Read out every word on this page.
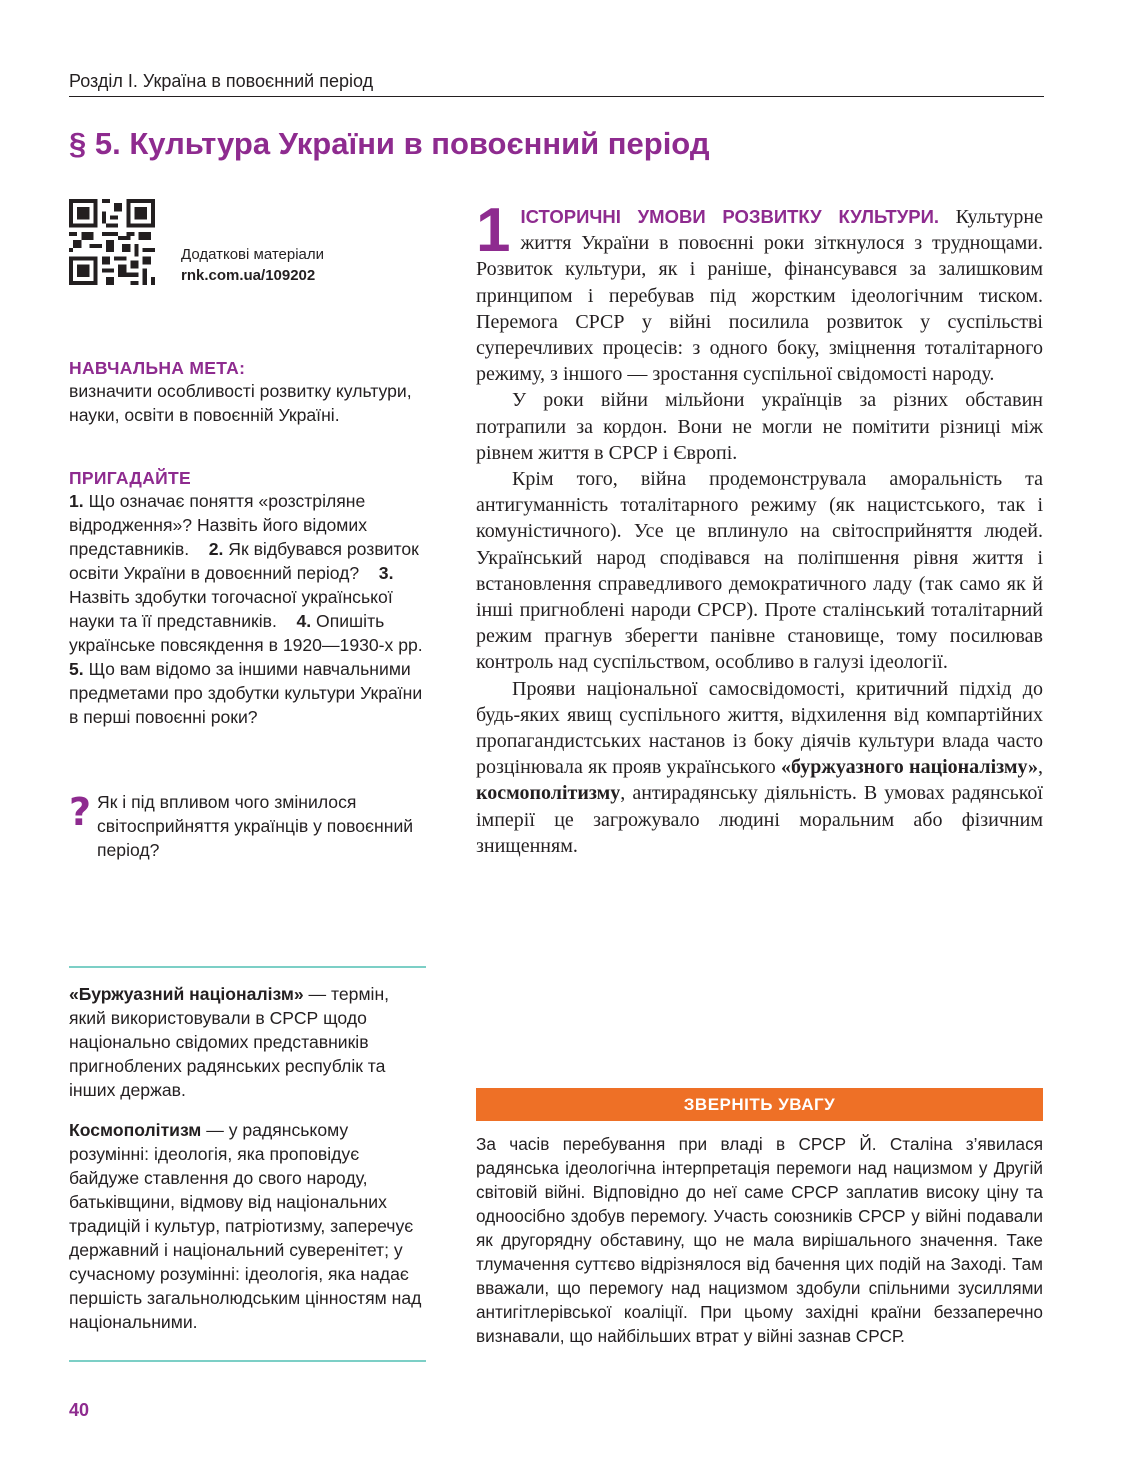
Розділ І. Україна в повоєнний період
§ 5. Культура України в повоєнний період
Додаткові матеріали
rnk.com.ua/109202
НАВЧАЛЬНА МЕТА:
визначити особливості розвитку культури, науки, освіти в повоєнній Україні.
ПРИГАДАЙТЕ
1. Що означає поняття «розстріляне відродження»? Назвіть його відомих представників. 2. Як відбувався розвиток освіти України в довоєнний період? 3. Назвіть здобутки тогочасної української науки та її представників. 4. Опишіть українське повсякдення в 1920—1930-х рр.
5. Що вам відомо за іншими навчальними предметами про здобутки культури України в перші повоєнні роки?
? Як і під впливом чого змінилося світосприйняття українців у повоєнний період?

«Буржуазний націоналізм» — термін, який використовували в СРСР щодо національно свідомих представників пригноблених радянських республік та інших держав.

Космополітизм — у радянському розумінні: ідеологія, яка проповідує байдуже ставлення до свого народу, батьківщини, відмову від національних традицій і культур, патріотизму, заперечує державний і національний суверенітет; у сучасному розумінні: ідеологія, яка надає першість загальнолюдським цінностям над національними.

1 ІСТОРИЧНІ УМОВИ РОЗВИТКУ КУЛЬТУРИ. Культурне життя України в повоєнні роки зіткнулося з труднощами. Розвиток культури, як і раніше, фінансувався за залишковим принципом і перебував під жорстким ідеологічним тиском. Перемога СРСР у війні посилила розвиток у суспільстві суперечливих процесів: з одного боку, зміцнення тоталітарного режиму, з іншого — зростання суспільної свідомості народу.

У роки війни мільйони українців за різних обставин потрапили за кордон. Вони не могли не помітити різниці між рівнем життя в СРСР і Європі.

Крім того, війна продемонструвала аморальність та антигуманність тоталітарного режиму (як нацистського, так і комуністичного). Усе це вплинуло на світосприйняття людей. Український народ сподівався на поліпшення рівня життя і встановлення справедливого демократичного ладу (так само як й інші пригноблені народи СРСР). Проте сталінський тоталітарний режим прагнув зберегти панівне становище, тому посилював контроль над суспільством, особливо в галузі ідеології.

Прояви національної самосвідомості, критичний підхід до будь-яких явищ суспільного життя, відхилення від компартійних пропагандистських настанов із боку діячів культури влада часто розцінювала як прояв українського «буржуазного націоналізму», космополітизму, антирадянську діяльність. В умовах радянської імперії це загрожувало людині моральним або фізичним знищенням.

ЗВЕРНІТЬ УВАГУ
За часів перебування при владі в СРСР Й. Сталіна з’явилася радянська ідеологічна інтерпретація перемоги над нацизмом у Другій світовій війні. Відповідно до неї саме СРСР заплатив високу ціну та одноосібно здобув перемогу. Участь союзників СРСР у війні подавали як другорядну обставину, що не мала вирішального значення. Таке тлумачення суттєво відрізнялося від бачення цих подій на Заході. Там вважали, що перемогу над нацизмом здобули спільними зусиллями антигітлерівської коаліції. При цьому західні країни беззаперечно визнавали, що найбільших втрат у війні зазнав СРСР.
40
